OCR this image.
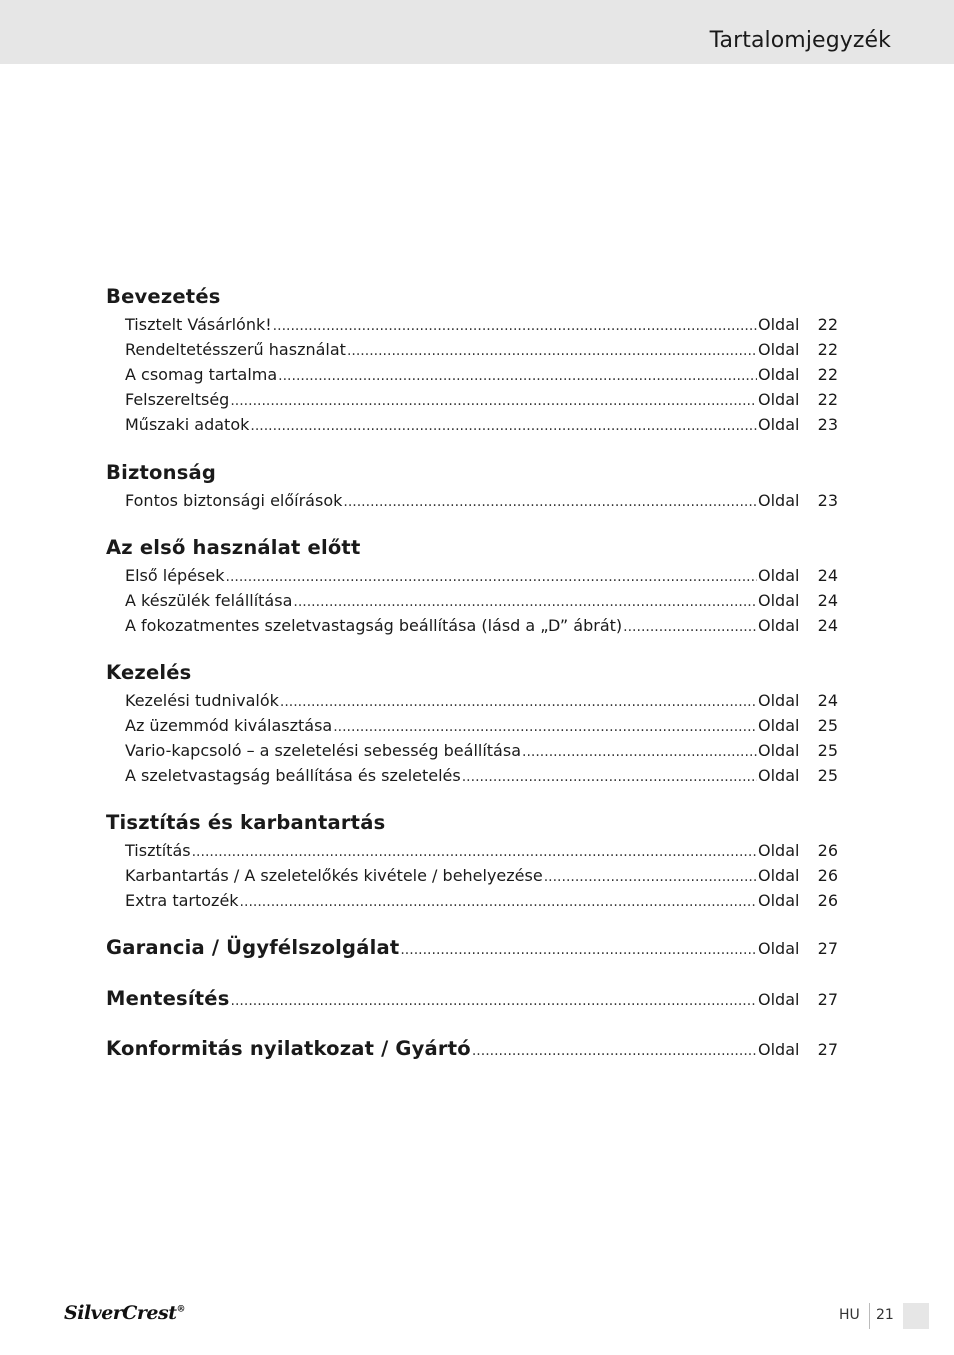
Tartalomjegyzék
Bevezetés
Tisztelt Vásárlónk! .....	Oldal	22
Rendeltetésszerű használat .....	Oldal	22
A csomag tartalma .....	Oldal	22
Felszereltség .....	Oldal	22
Műszaki adatok .....	Oldal	23
Biztonság
Fontos biztonsági előírások .....	Oldal	23
Az első használat előtt
Első lépések .....	Oldal	24
A készülék felállítása .....	Oldal	24
A fokozatmentes szeletvastagság beállítása (lásd a „D” ábrát) .....	Oldal	24
Kezelés
Kezelési tudnivalók .....	Oldal	24
Az üzemmód kiválasztása .....	Oldal	25
Vario-kapcsoló – a szeletelési sebesség beállítása .....	Oldal	25
A szeletvastagság beállítása és szeletelés .....	Oldal	25
Tisztítás és karbantartás
Tisztítás .....	Oldal	26
Karbantartás / A szeletelőkés kivétele / behelyezése .....	Oldal	26
Extra tartozék .....	Oldal	26
Garancia / Ügyfélszolgálat .....	Oldal	27
Mentesítés .....	Oldal	27
Konformitás nyilatkozat / Gyártó .....	Oldal	27
SilverCrest®	HU 21
